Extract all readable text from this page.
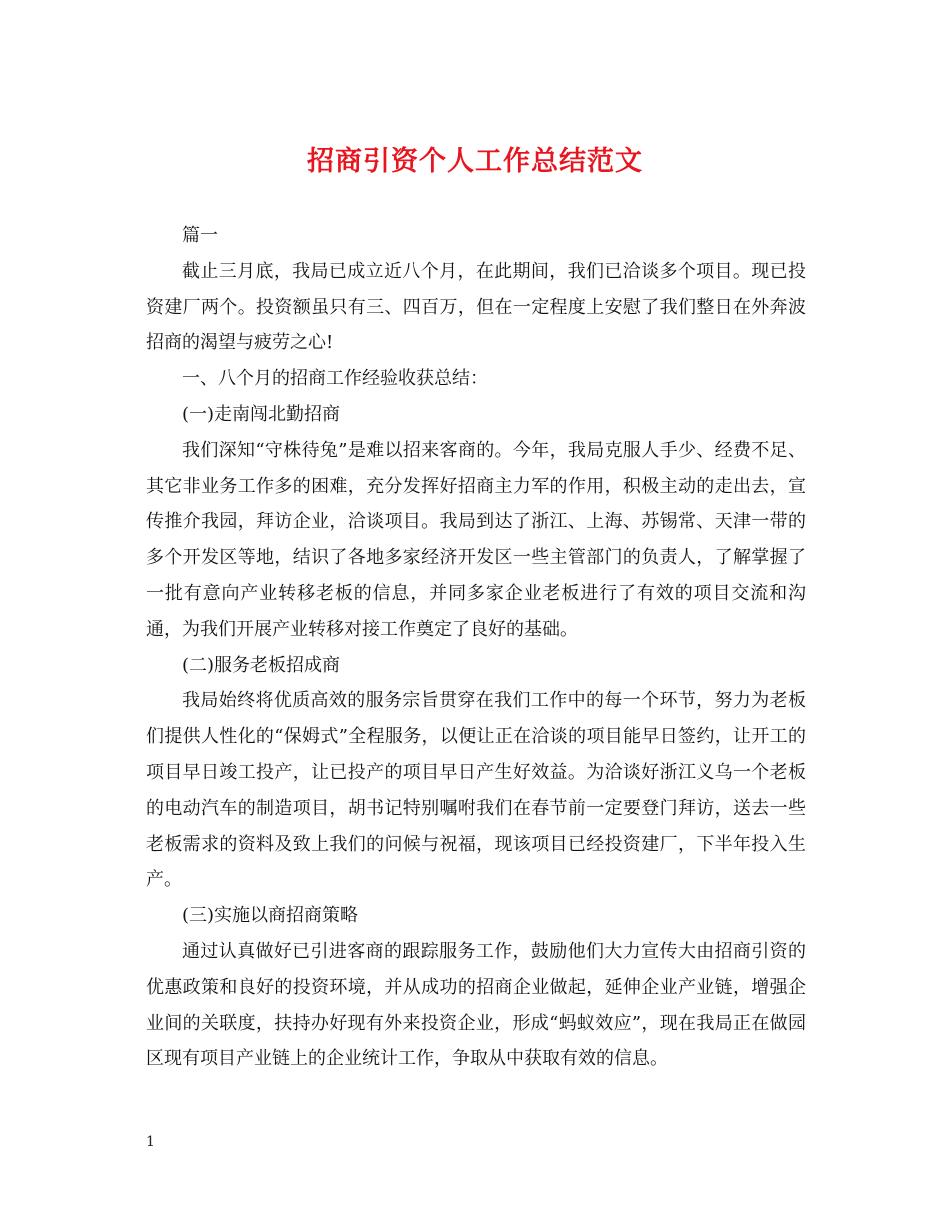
招商引资个人工作总结范文

篇一

截止三月底，我局已成立近八个月，在此期间，我们已洽谈多个项目。现已投资建厂两个。投资额虽只有三、四百万，但在一定程度上安慰了我们整日在外奔波招商的渴望与疲劳之心!

一、八个月的招商工作经验收获总结：

(一)走南闯北勤招商

我们深知“守株待兔”是难以招来客商的。今年，我局克服人手少、经费不足、其它非业务工作多的困难，充分发挥好招商主力军的作用，积极主动的走出去，宣传推介我园，拜访企业，洽谈项目。我局到达了浙江、上海、苏锡常、天津一带的多个开发区等地，结识了各地多家经济开发区一些主管部门的负责人，了解掌握了一批有意向产业转移老板的信息，并同多家企业老板进行了有效的项目交流和沟通，为我们开展产业转移对接工作奠定了良好的基础。

(二)服务老板招成商

我局始终将优质高效的服务宗旨贯穿在我们工作中的每一个环节，努力为老板们提供人性化的“保姆式”全程服务，以便让正在洽谈的项目能早日签约，让开工的项目早日竣工投产，让已投产的项目早日产生好效益。为洽谈好浙江义乌一个老板的电动汽车的制造项目，胡书记特别嘱咐我们在春节前一定要登门拜访，送去一些老板需求的资料及致上我们的问候与祝福，现该项目已经投资建厂，下半年投入生产。

(三)实施以商招商策略

通过认真做好已引进客商的跟踪服务工作，鼓励他们大力宣传大由招商引资的优惠政策和良好的投资环境，并从成功的招商企业做起，延伸企业产业链，增强企业间的关联度，扶持办好现有外来投资企业，形成“蚂蚁效应”，现在我局正在做园区现有项目产业链上的企业统计工作，争取从中获取有效的信息。

1
